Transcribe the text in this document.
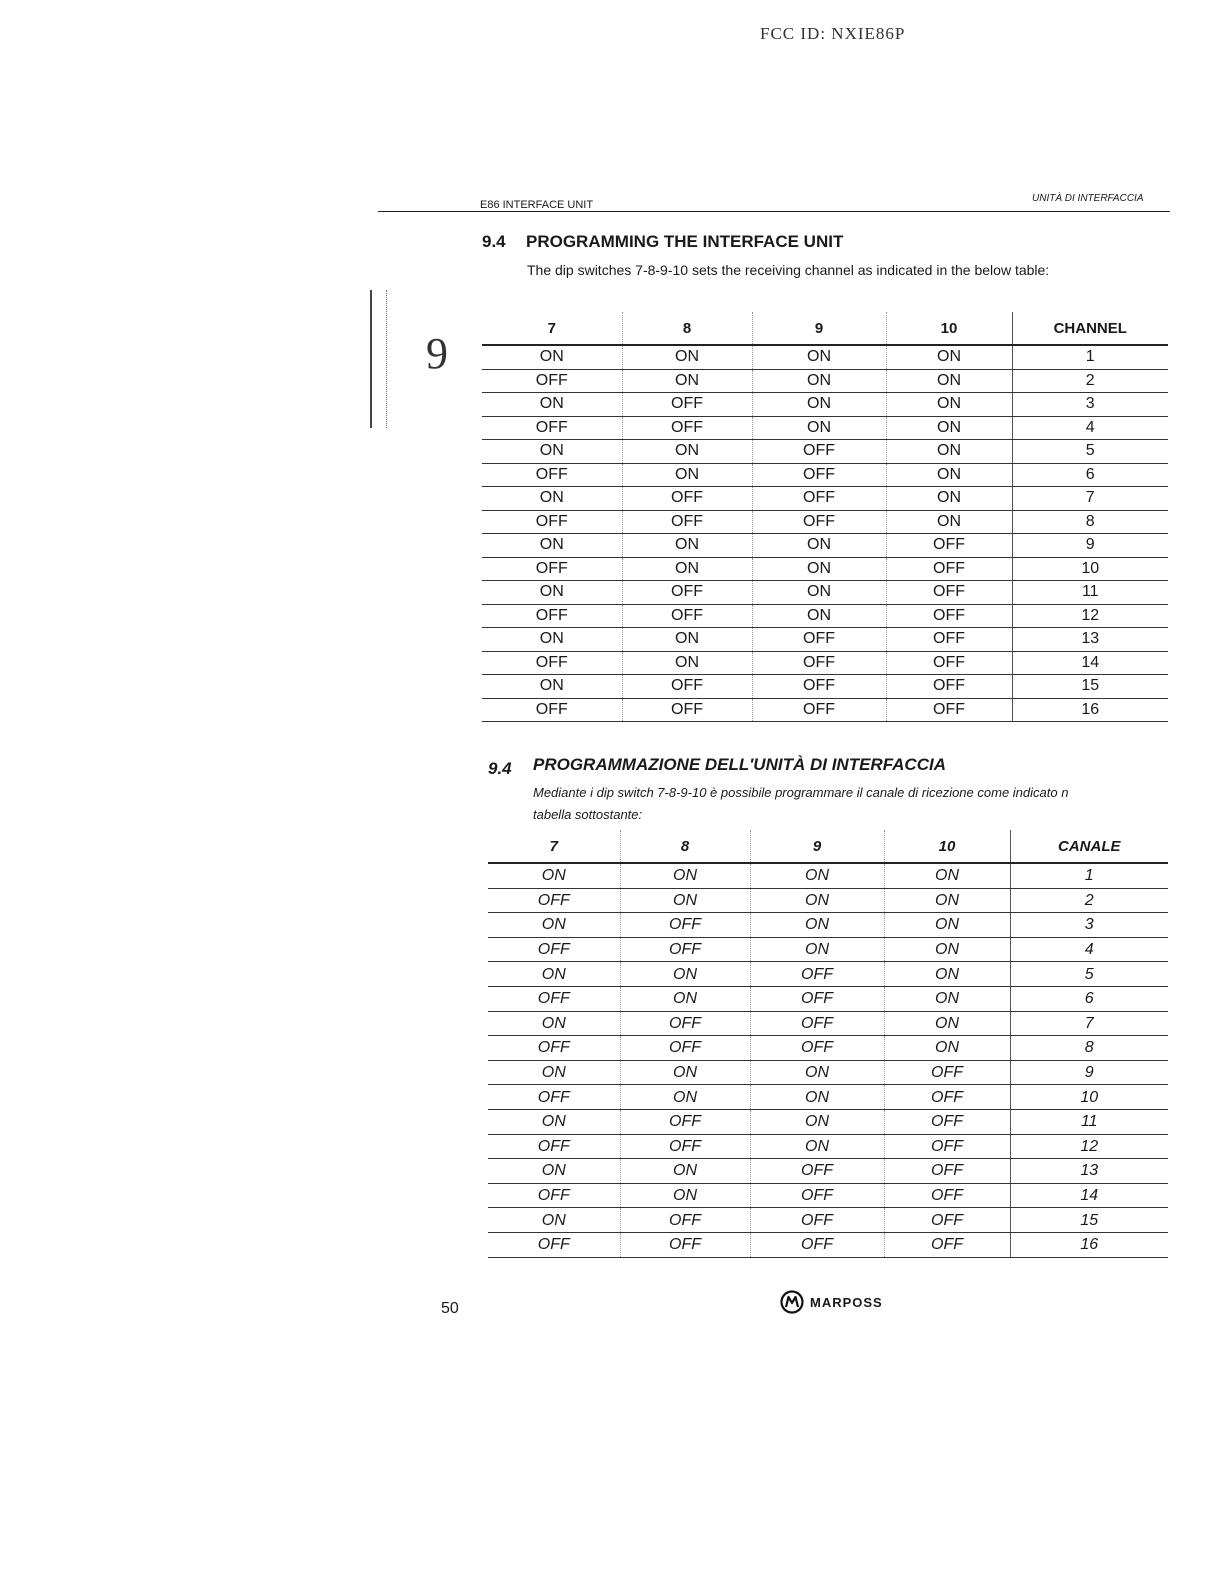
FCC ID: NXIE86P
E86 INTERFACE UNIT
UNITÀ DI INTERFACCIA
9
9.4 PROGRAMMING THE INTERFACE UNIT
The dip switches 7-8-9-10 sets the receiving channel as indicated in the below table:
7	8	9	10	CHANNEL
ON	ON	ON	ON	1
OFF	ON	ON	ON	2
ON	OFF	ON	ON	3
OFF	OFF	ON	ON	4
ON	ON	OFF	ON	5
OFF	ON	OFF	ON	6
ON	OFF	OFF	ON	7
OFF	OFF	OFF	ON	8
ON	ON	ON	OFF	9
OFF	ON	ON	OFF	10
ON	OFF	ON	OFF	11
OFF	OFF	ON	OFF	12
ON	ON	OFF	OFF	13
OFF	ON	OFF	OFF	14
ON	OFF	OFF	OFF	15
OFF	OFF	OFF	OFF	16
9.4 PROGRAMMAZIONE DELL'UNITÀ DI INTERFACCIA
Mediante i dip switch 7-8-9-10 è possibile programmare il canale di ricezione come indicato n
tabella sottostante:
7	8	9	10	CANALE
ON	ON	ON	ON	1
OFF	ON	ON	ON	2
ON	OFF	ON	ON	3
OFF	OFF	ON	ON	4
ON	ON	OFF	ON	5
OFF	ON	OFF	ON	6
ON	OFF	OFF	ON	7
OFF	OFF	OFF	ON	8
ON	ON	ON	OFF	9
OFF	ON	ON	OFF	10
ON	OFF	ON	OFF	11
OFF	OFF	ON	OFF	12
ON	ON	OFF	OFF	13
OFF	ON	OFF	OFF	14
ON	OFF	OFF	OFF	15
OFF	OFF	OFF	OFF	16
50	MARPOSS
